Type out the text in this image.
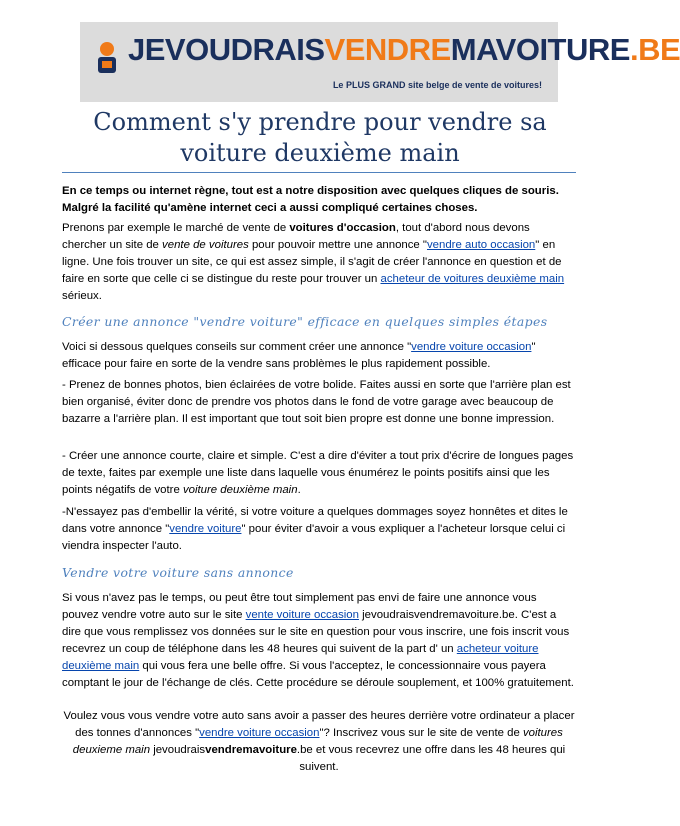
JEVOUDRAISVENDREMAVOITURE.BE
Le PLUS GRAND site belge de vente de voitures!
Comment s'y prendre pour vendre sa
voiture deuxième main
En ce temps ou internet règne, tout est a notre disposition avec quelques cliques de souris. Malgré la facilité qu'amène internet ceci a aussi compliqué certaines choses.
Prenons par exemple le marché de vente de voitures d'occasion, tout d'abord nous devons chercher un site de vente de voitures pour pouvoir mettre une annonce "vendre auto occasion" en ligne. Une fois trouver un site, ce qui est assez simple, il s'agit de créer l'annonce en question et de faire en sorte que celle ci se distingue du reste pour trouver un acheteur de voitures deuxième main sérieux.
Créer une annonce "vendre voiture" efficace en quelques simples étapes
Voici si dessous quelques conseils sur comment créer une annonce "vendre voiture occasion" efficace pour faire en sorte de la vendre sans problèmes le plus rapidement possible.
- Prenez de bonnes photos, bien éclairées de votre bolide. Faites aussi en sorte que l'arrière plan est bien organisé, éviter donc de prendre vos photos dans le fond de votre garage avec beaucoup de bazarre a l'arrière plan. Il est important que tout soit bien propre est donne une bonne impression.
- Créer une annonce courte, claire et simple. C'est a dire d'éviter a tout prix d'écrire de longues pages de texte, faites par exemple une liste dans laquelle vous énumérez le points positifs ainsi que les points négatifs de votre voiture deuxième main.
-N'essayez pas d'embellir la vérité, si votre voiture a quelques dommages soyez honnêtes et dites le dans votre annonce "vendre voiture" pour éviter d'avoir a vous expliquer a l'acheteur lorsque celui ci viendra inspecter l'auto.
Vendre votre voiture sans annonce
Si vous n'avez pas le temps, ou peut être tout simplement pas envi de faire une annonce vous pouvez vendre votre auto sur le site vente voiture occasion jevoudraisvendremavoiture.be. C'est a dire que vous remplissez vos données sur le site en question pour vous inscrire, une fois inscrit vous recevrez un coup de téléphone dans les 48 heures qui suivent de la part d' un acheteur voiture deuxième main qui vous fera une belle offre. Si vous l'acceptez, le concessionnaire vous payera comptant le jour de l'échange de clés. Cette procédure se déroule souplement, et 100% gratuitement.
Voulez vous vous vendre votre auto sans avoir a passer des heures derrière votre ordinateur a placer des tonnes d'annonces "vendre voiture occasion"? Inscrivez vous sur le site de vente de voitures deuxieme main jevoudraisvendremavoiture.be et vous recevrez une offre dans les 48 heures qui suivent.
